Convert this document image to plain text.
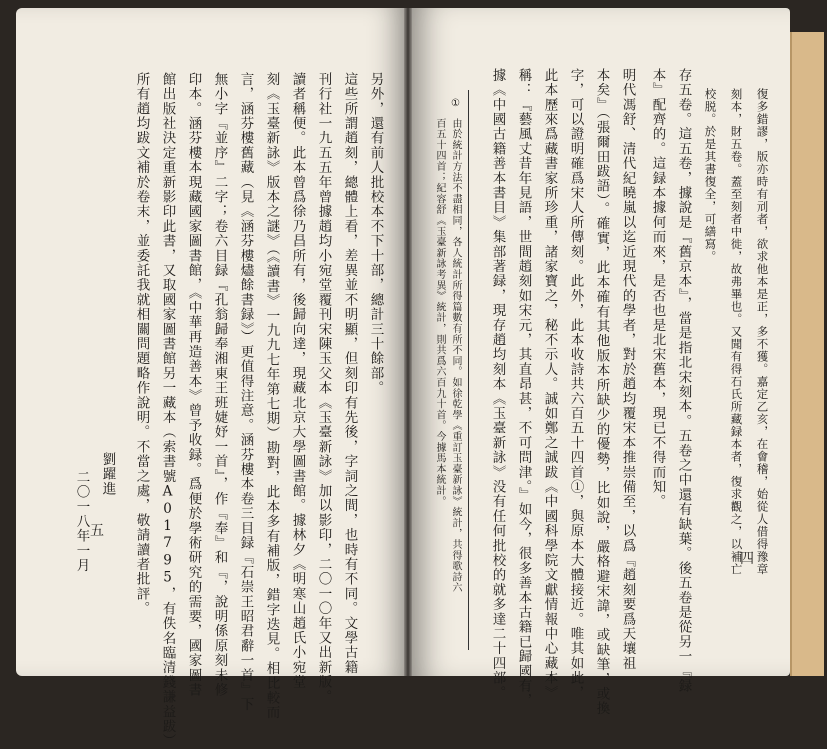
四 復多錯謬，版亦時有刓者，欲求他本是正，多不獲。嘉定乙亥，在會稽，始從人借得豫章
刻本，財五卷。蓋至刻者中徙，故弗畢也。又聞有得石氏所藏録本者，復求觀之，以補亡
校脱。於是其書復全，可繕寫。
存五卷。這五卷，據說是『舊京本』，當是指北宋刻本。五卷之中還有缺葉。後五卷是從另一『録
本』配齊的。這録本據何而來，是否也是北宋舊本，現已不得而知。
明代馮舒、清代紀曉嵐以迄近現代的學者，對於趙均覆宋本推崇備至，以爲『趙刻要爲天壤祖
本矣』（張爾田跋語）。確實，此本確有其他版本所缺少的優勢，比如說，嚴格避宋諱，或缺筆，或換
字，可以證明確爲宋人所傳刻。此外，此本收詩共六百五十四首①，與原本大體接近。唯其如此，
此本歷來爲藏書家所珍重，諸家寶之，秘不示人。誠如鄭之誠跋《中國科學院文獻情報中心藏本》
稱：『藝風丈昔年見語，世間趙刻如宋元，其直昂甚，不可問津。』如今，很多善本古籍已歸國有，
據《中國古籍善本書目》集部著録，現存趙均刻本《玉臺新詠》没有任何批校的就多達二十四部。
①
由於統計方法不盡相同，各人統計所得篇數有所不同。如徐乾學《重訂玉臺新詠》統計，共得歌詩六
百五十四首；紀容舒《玉臺新詠考異》統計，則共爲六百九十首。今據馬本統計。
另外，還有前人批校本不下十部，總計三十餘部。
這些所謂趙刻，總體上看，差異並不明顯，但刻印有先後，字詞之間，也時有不同。文學古籍
刊行社一九五五年曾據趙均小宛堂覆刊宋陳玉父本《玉臺新詠》加以影印，二〇一〇年又出新版。
讀者稱便。此本曾爲徐乃昌所有，後歸向達，現藏北京大學圖書館。據林夕《明寒山趙氏小宛堂
刻《玉臺新詠》版本之謎》（《讀書》一九九七年第七期）勘對，此本多有補版，錯字迭見。相比較而
言，涵芬樓舊藏（見《涵芬樓燼餘書録》）更值得注意。涵芬樓本卷三目録『石崇王昭君辭一首』下
無小字『並序』二字；卷六目録『孔翁歸奉湘東王班婕妤一首』，作『奉』和『，說明係原刻未修
印本。涵芬樓本現藏國家圖書館，《中華再造善本》曾予收録。爲便於學術研究的需要，國家圖書
館出版社決定重新影印此書，又取國家圖書館另一藏本（索書號A01795，有佚名臨清錢謙益跋）
所有趙均跋文補於卷末，並委託我就相關問題略作說明。不當之處，敬請讀者批評。
劉躍進
二〇一八年一月 五
